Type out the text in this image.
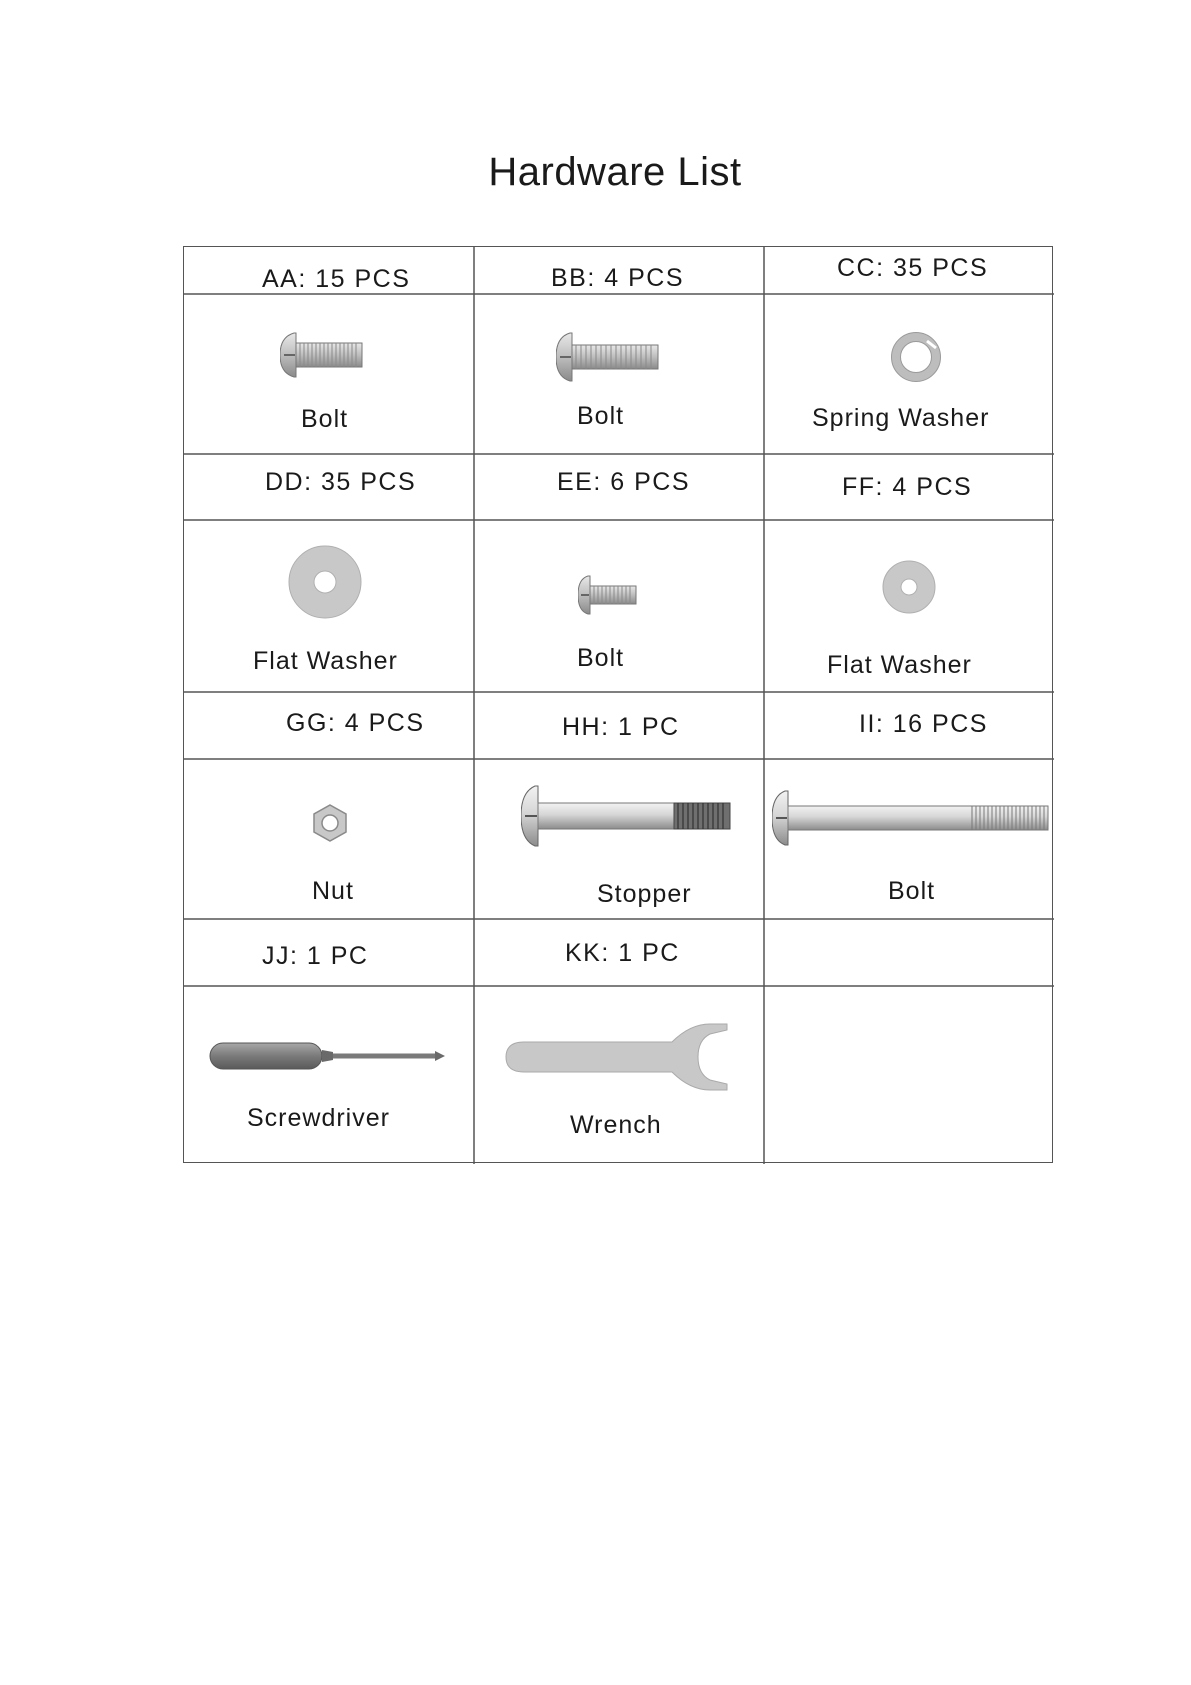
Hardware List
AA: 15 PCS	BB: 4 PCS	CC: 35 PCS
Bolt	Bolt	Spring Washer
DD: 35 PCS	EE: 6 PCS	FF: 4 PCS
Flat Washer	Bolt	Flat Washer
GG: 4 PCS	HH: 1 PC	II: 16 PCS
Nut	Stopper	Bolt
JJ: 1 PC	KK: 1 PC
Screwdriver	Wrench
